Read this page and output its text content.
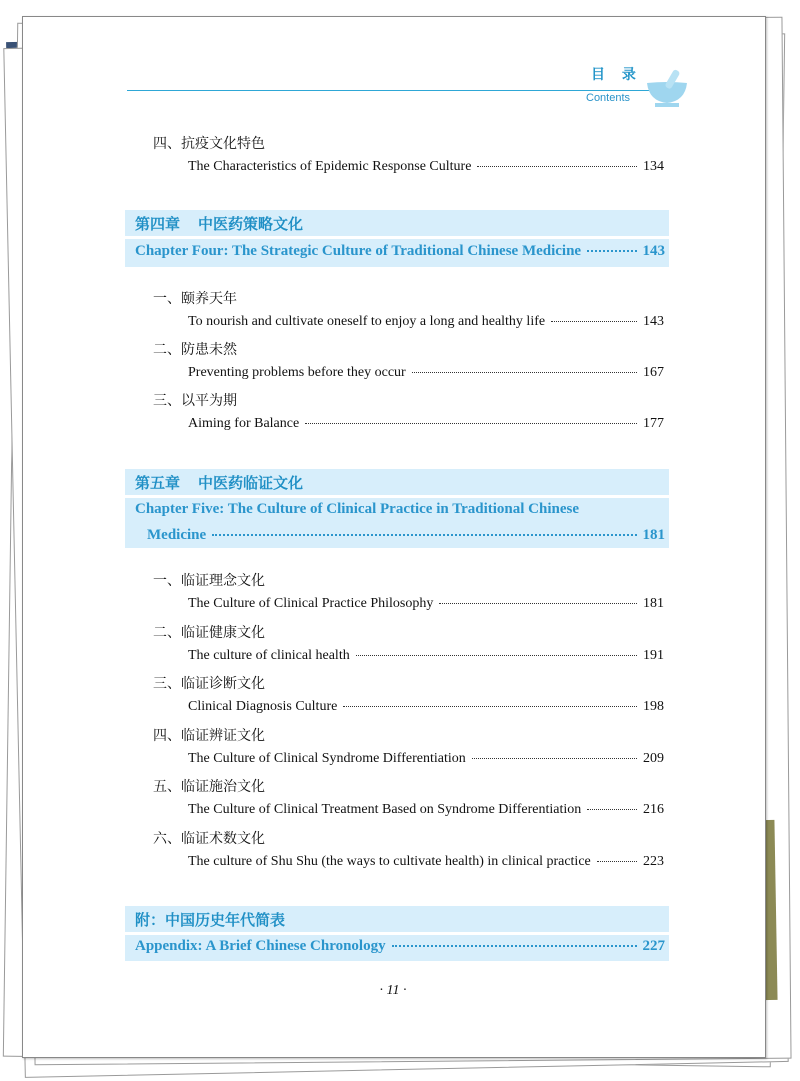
目 录
Contents
四、抗疫文化特色
The Characteristics of Epidemic Response Culture	134
第四章 中医药策略文化
Chapter Four: The Strategic Culture of Traditional Chinese Medicine	143
一、颐养天年
To nourish and cultivate oneself to enjoy a long and healthy life	143
二、防患未然
Preventing problems before they occur	167
三、以平为期
Aiming for Balance	177
第五章 中医药临证文化
Chapter Five: The Culture of Clinical Practice in Traditional Chinese
Medicine	181
一、临证理念文化
The Culture of Clinical Practice Philosophy	181
二、临证健康文化
The culture of clinical health	191
三、临证诊断文化
Clinical Diagnosis Culture	198
四、临证辨证文化
The Culture of Clinical Syndrome Differentiation	209
五、临证施治文化
The Culture of Clinical Treatment Based on Syndrome Differentiation	216
六、临证术数文化
The culture of Shu Shu (the ways to cultivate health) in clinical practice	223
附：中国历史年代简表
Appendix: A Brief Chinese Chronology	227
· 11 ·
